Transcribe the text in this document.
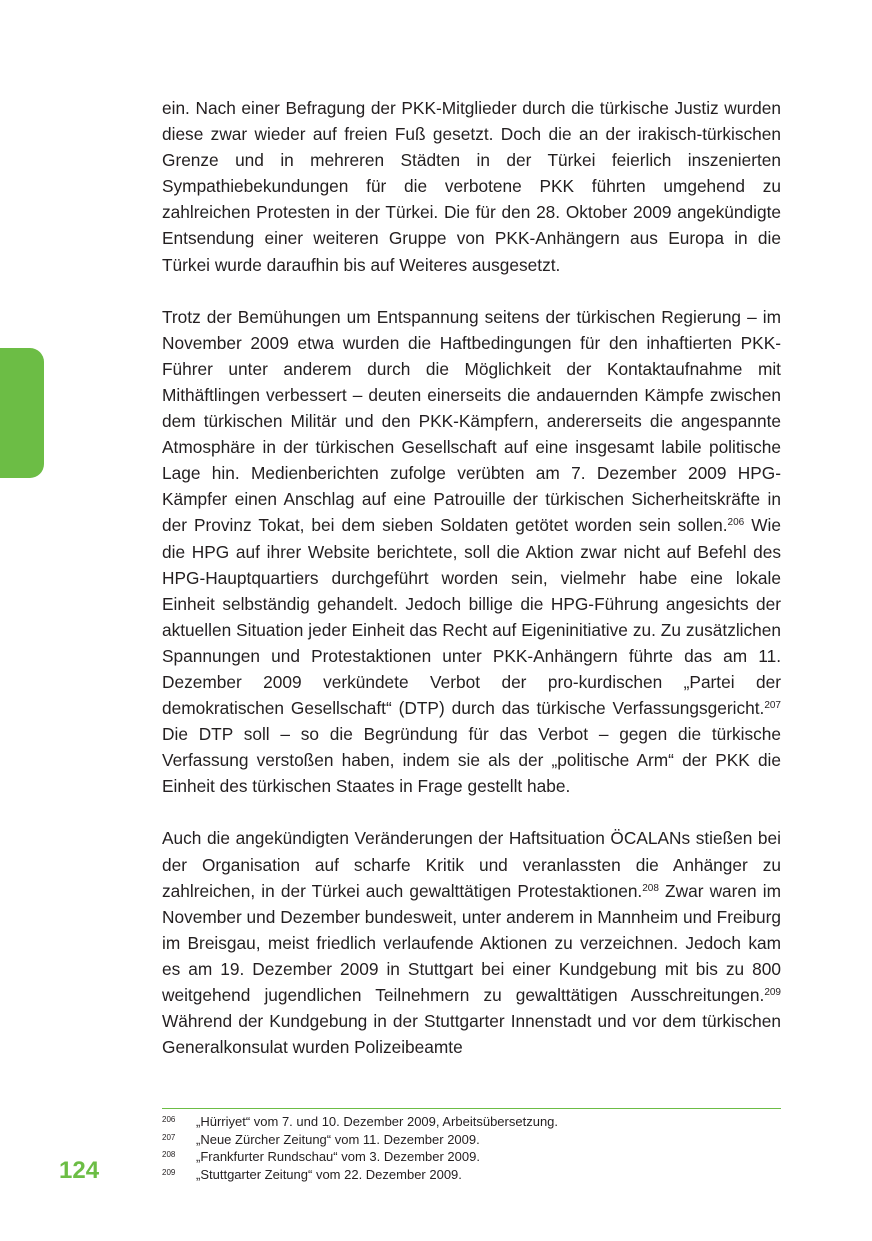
ein. Nach einer Befragung der PKK-Mitglieder durch die türkische Justiz wurden diese zwar wieder auf freien Fuß gesetzt. Doch die an der irakisch-türkischen Grenze und in mehreren Städten in der Türkei feierlich inszenierten Sympathiebekundungen für die verbotene PKK führten umgehend zu zahlreichen Protesten in der Türkei. Die für den 28. Oktober 2009 angekündigte Entsendung einer weiteren Gruppe von PKK-Anhängern aus Europa in die Türkei wurde daraufhin bis auf Weiteres ausgesetzt.

Trotz der Bemühungen um Entspannung seitens der türkischen Regierung – im November 2009 etwa wurden die Haftbedingungen für den inhaftierten PKK-Führer unter anderem durch die Möglichkeit der Kontaktaufnahme mit Mithäftlingen verbessert – deuten einerseits die andauernden Kämpfe zwischen dem türkischen Militär und den PKK-Kämpfern, andererseits die angespannte Atmosphäre in der türkischen Gesellschaft auf eine insgesamt labile politische Lage hin. Medienberichten zufolge verübten am 7. Dezember 2009 HPG-Kämpfer einen Anschlag auf eine Patrouille der türkischen Sicherheitskräfte in der Provinz Tokat, bei dem sieben Soldaten getötet worden sein sollen.$^{206}$ Wie die HPG auf ihrer Website berichtete, soll die Aktion zwar nicht auf Befehl des HPG-Hauptquartiers durchgeführt worden sein, vielmehr habe eine lokale Einheit selbständig gehandelt. Jedoch billige die HPG-Führung angesichts der aktuellen Situation jeder Einheit das Recht auf Eigeninitiative zu. Zu zusätzlichen Spannungen und Protestaktionen unter PKK-Anhängern führte das am 11. Dezember 2009 verkündete Verbot der pro-kurdischen „Partei der demokratischen Gesellschaft“ (DTP) durch das türkische Verfassungsgericht.$^{207}$ Die DTP soll – so die Begründung für das Verbot – gegen die türkische Verfassung verstoßen haben, indem sie als der „politische Arm“ der PKK die Einheit des türkischen Staates in Frage gestellt habe.

Auch die angekündigten Veränderungen der Haftsituation ÖCALANs stießen bei der Organisation auf scharfe Kritik und veranlassten die Anhänger zu zahlreichen, in der Türkei auch gewalttätigen Protestaktionen.$^{208}$ Zwar waren im November und Dezember bundesweit, unter anderem in Mannheim und Freiburg im Breisgau, meist friedlich verlaufende Aktionen zu verzeichnen. Jedoch kam es am 19. Dezember 2009 in Stuttgart bei einer Kundgebung mit bis zu 800 weitgehend jugendlichen Teilnehmern zu gewalttätigen Ausschreitungen.$^{209}$ Während der Kundgebung in der Stuttgarter Innenstadt und vor dem türkischen Generalkonsulat wurden Polizeibeamte

206	„Hürriyet“ vom 7. und 10. Dezember 2009, Arbeitsübersetzung.
207	„Neue Zürcher Zeitung“ vom 11. Dezember 2009.
208	„Frankfurter Rundschau“ vom 3. Dezember 2009.
209	„Stuttgarter Zeitung“ vom 22. Dezember 2009.
124
